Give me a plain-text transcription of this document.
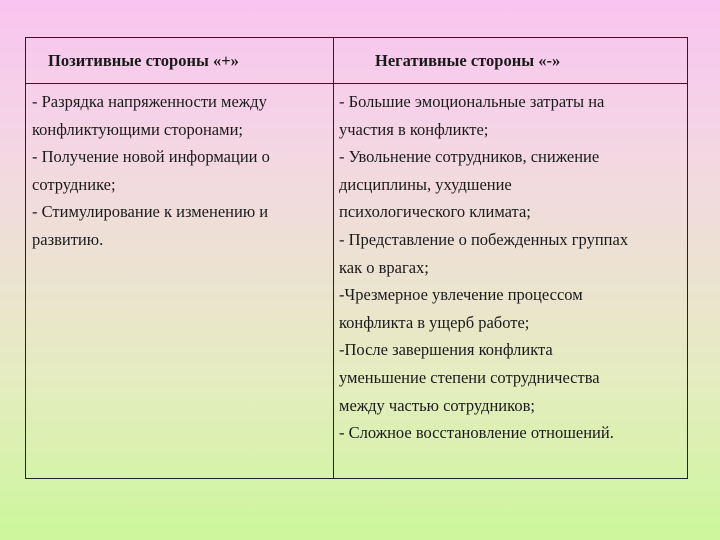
Позитивные стороны «+»	Негативные стороны «-»
- Разрядка напряженности между
конфликтующими сторонами;
- Получение новой информации о
сотруднике;
- Стимулирование к изменению и
развитию.
- Большие эмоциональные затраты на
участия в конфликте;
- Увольнение сотрудников, снижение
дисциплины, ухудшение
психологического климата;
- Представление о побежденных группах
как о врагах;
-Чрезмерное увлечение процессом
конфликта в ущерб работе;
-После завершения конфликта
уменьшение степени сотрудничества
между частью сотрудников;
- Сложное восстановление отношений.
